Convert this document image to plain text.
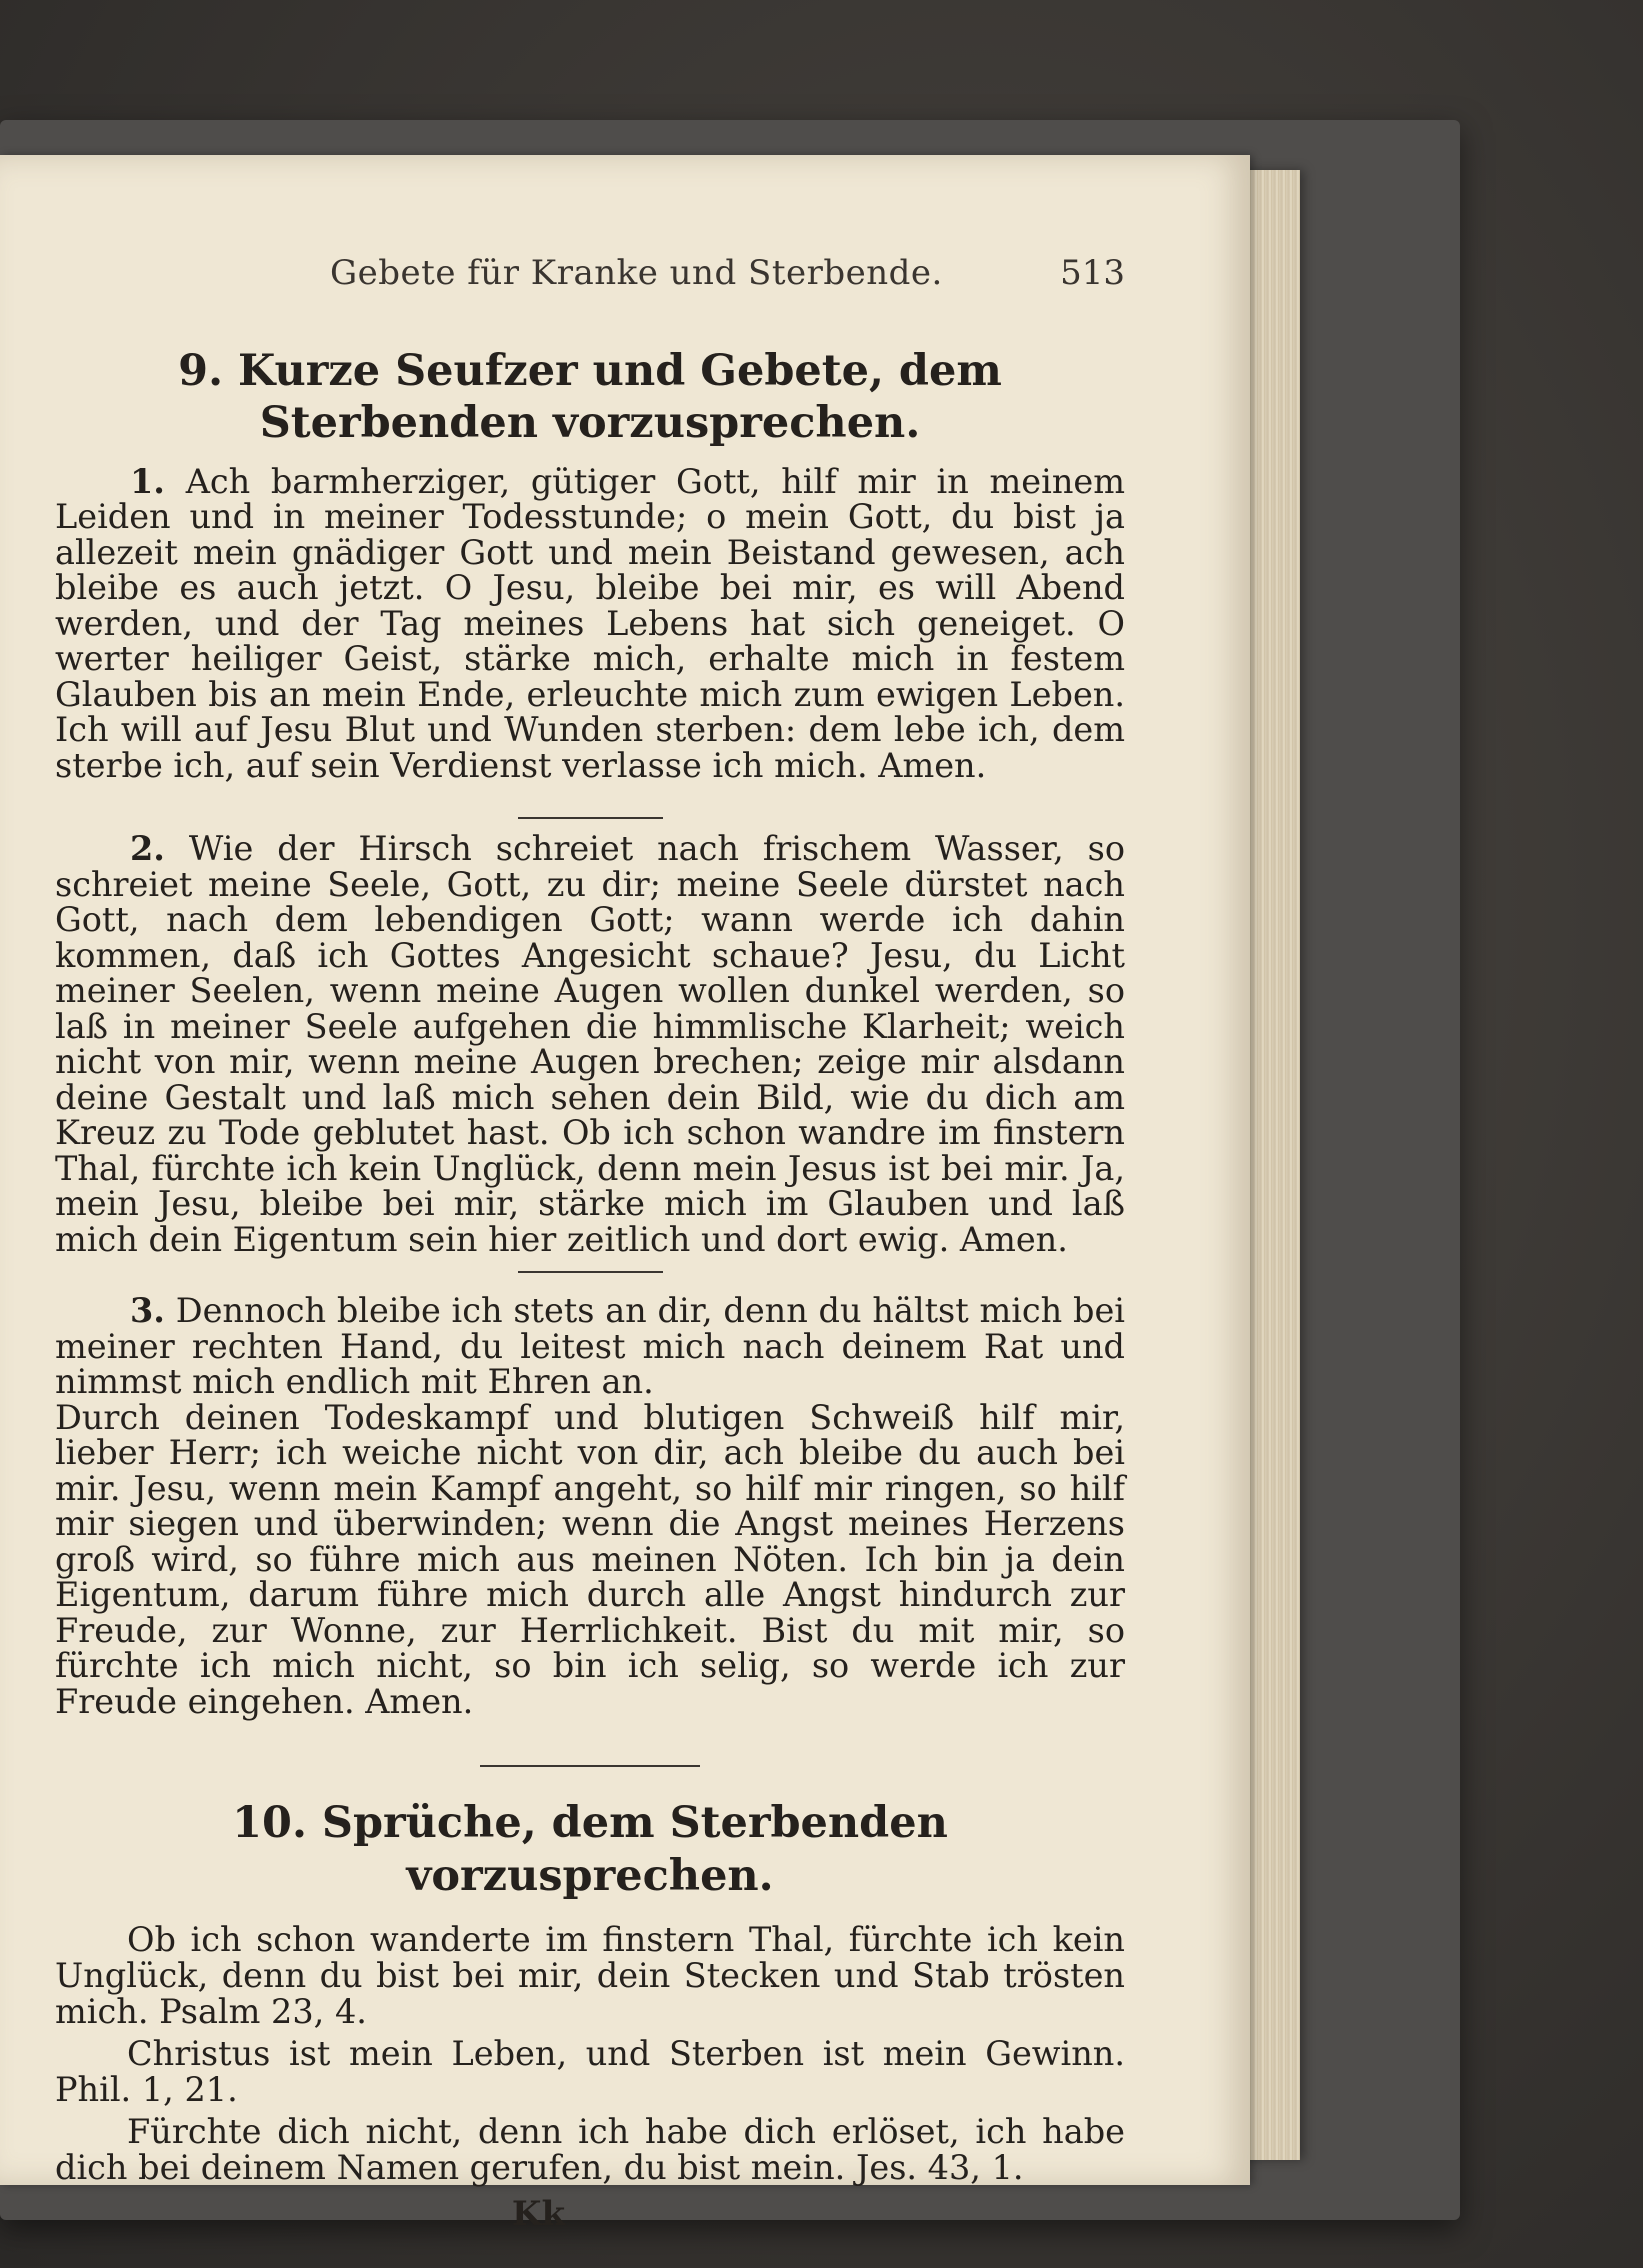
Gebete für Kranke und Sterbende.	513
9. Kurze Seufzer und Gebete, dem Sterbenden vorzusprechen.

1. Ach barmherziger, gütiger Gott, hilf mir in meinem Leiden und in meiner Todesstunde; o mein Gott, du bist ja allezeit mein gnädiger Gott und mein Beistand gewesen, ach bleibe es auch jetzt. O Jesu, bleibe bei mir, es will Abend werden, und der Tag meines Lebens hat sich geneiget. O werter heiliger Geist, stärke mich, erhalte mich in festem Glauben bis an mein Ende, erleuchte mich zum ewigen Leben. Ich will auf Jesu Blut und Wunden sterben: dem lebe ich, dem sterbe ich, auf sein Verdienst verlasse ich mich. Amen.

2. Wie der Hirsch schreiet nach frischem Wasser, so schreiet meine Seele, Gott, zu dir; meine Seele dürstet nach Gott, nach dem lebendigen Gott; wann werde ich dahin kommen, daß ich Gottes Angesicht schaue? Jesu, du Licht meiner Seelen, wenn meine Augen wollen dunkel werden, so laß in meiner Seele aufgehen die himmlische Klarheit; weich nicht von mir, wenn meine Augen brechen; zeige mir alsdann deine Gestalt und laß mich sehen dein Bild, wie du dich am Kreuz zu Tode geblutet hast. Ob ich schon wandre im finstern Thal, fürchte ich kein Unglück, denn mein Jesus ist bei mir. Ja, mein Jesu, bleibe bei mir, stärke mich im Glauben und laß mich dein Eigentum sein hier zeitlich und dort ewig. Amen.

3. Dennoch bleibe ich stets an dir, denn du hältst mich bei meiner rechten Hand, du leitest mich nach deinem Rat und nimmst mich endlich mit Ehren an.

Durch deinen Todeskampf und blutigen Schweiß hilf mir, lieber Herr; ich weiche nicht von dir, ach bleibe du auch bei mir. Jesu, wenn mein Kampf angeht, so hilf mir ringen, so hilf mir siegen und überwinden; wenn die Angst meines Herzens groß wird, so führe mich aus meinen Nöten. Ich bin ja dein Eigentum, darum führe mich durch alle Angst hindurch zur Freude, zur Wonne, zur Herrlichkeit. Bist du mit mir, so fürchte ich mich nicht, so bin ich selig, so werde ich zur Freude eingehen. Amen.

10. Sprüche, dem Sterbenden vorzusprechen.

Ob ich schon wanderte im finstern Thal, fürchte ich kein Unglück, denn du bist bei mir, dein Stecken und Stab trösten mich. Psalm 23, 4.

Christus ist mein Leben, und Sterben ist mein Gewinn. Phil. 1, 21.

Fürchte dich nicht, denn ich habe dich erlöset, ich habe dich bei deinem Namen gerufen, du bist mein. Jes. 43, 1.

Kk
